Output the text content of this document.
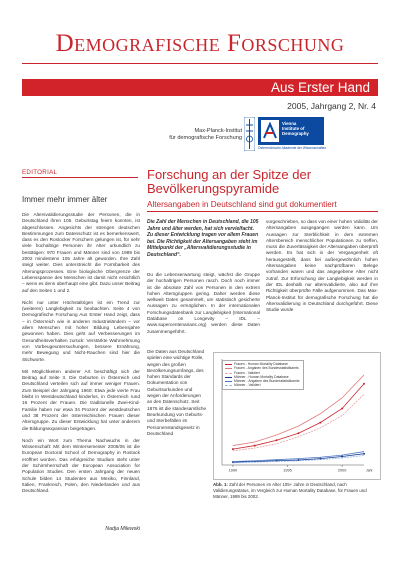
Demografische Forschung
Aus Erster Hand
2005, Jahrgang 2, Nr. 4
Max-Planck-Institut
für demografische Forschung
Vienna
Institute of
Demography
Österreichische Akademie der Wissenschaften
EDITORIAL
Immer mehr immer älter

Die Altersvalidierungsstudie der Personen, die in Deutschland ihren 105. Geburtstag feiern konnten, ist abgeschlossen. Angesichts der strengen deutschen Bestimmungen zum Datenschutz ist es bemerkenswert, dass es den Rostocker Forschern gelungen ist, für sehr viele hochaltrige Personen ihr Alter urkundlich zu bestätigen: 970 Frauen und Männer sind von 1989 bis 2002 mindestens 105 Jahre alt geworden. Ihre Zahl steigt weiter. Dies unterstreicht die Formbarkeit des Alterungsprozesses. Eine biologische Obergrenze der Lebensspanne des Menschen ist damit nicht ersichtlich – wenn es denn überhaupt eine gibt. Dazu unser Beitrag auf den Seiten 1 und 2.

Nicht nur unter Höchstaltrigen ist ein Trend zur (weiteren) Langlebigkeit zu beobachten. Seite 4 von Demografische Forschung Aus Erster Hand zeigt, dass – in Österreich wie in anderen Industrieländern – vor allem Menschen mit hoher Bildung Lebensjahre gewonnen haben. Dies geht auf Verbesserungen im Gesundheitsverhalten zurück: Verstärkte Wahrnehmung von Vorbeugeuntersuchungen, bessere Ernährung, mehr Bewegung und Nicht-Rauchen sind hier die Stichworte.

Mit Möglichkeiten anderer Art beschäftigt sich der Beitrag auf Seite 3. Die Geburten in Österreich und Deutschland verteilen sich auf immer weniger Frauen. Zum Beispiel der Jahrgang 1960: Etwa jede vierte Frau bleibt in Westdeutschland kinderlos, in Österreich rund 16 Prozent der Frauen. Die traditionelle Zwei-Kind-Familie haben nur etwa 34 Prozent der westdeutschen und 38 Prozent der österreichischen Frauen dieser Altersgruppe. Zu dieser Entwicklung hat unter anderem die Bildungsexpansion beigetragen.

Noch ein Wort zum Thema Nachwuchs in der Wissenschaft: Mit dem Wintersemester 2005/06 ist die European Doctoral School of Demography in Rostock eröffnet worden. Das erfolgreiche Studium steht unter der Schirmherrschaft der European Association for Population Studies. Den ersten Jahrgang der neuen Schule bilden 14 Studenten aus Mexiko, Finnland, Italien, Frankreich, Polen, den Niederlanden und aus Deutschland.

Nadja Milewski
Forschung an der Spitze der Bevölkerungspyramide
Altersangaben in Deutschland sind gut dokumentiert
Die Zahl der Menschen in Deutschland, die 105 Jahre und älter werden, hat sich vervielfacht. Zu dieser Entwicklung tragen vor allem Frauen bei. Die Richtigkeit der Altersangaben steht im Mittelpunkt der „Altersvalidierungsstudie in Deutschland“.

Du die Lebenserwartung steigt, wächst die Gruppe der hochaltrigen Personen rasch. Doch noch immer ist die absolute Zahl von Personen in den extrem hohen Altersgruppen gering. Daher werden diese weltweit Daten gesammelt, um statistisch gesicherte Aussagen zu ermöglichen. In der internationalen Forschungsdatenbank zur Langlebigkeit (International Database on Longevity – IDL – www.supercentenarians.org) werden diese Daten zusammengeführt.

Die Daten aus Deutschland spielen eine wichtige Rolle, wegen des großen Bevölkerungsumfangs, des hohen Standards der Dokumentation von Geburtsurkunden und wegen der Anforderungen an den Datenschutz. Seit 1876 ist die standesamtliche Beurkundung von Geburts- und Sterbefällen im Personenstandsgesetz in Deutschland

vorgeschrieben, so dass von einer hohen Validität der Altersangaben ausgegangen werden kann. Um Aussagen zur Sterblichkeit in dem extremen Altersbereich menschlicher Populationen zu treffen, muss die Zuverlässigkeit der Altersangaben überprüft werden. Es hat sich in der Vergangenheit oft herausgestellt, dass bei außergewöhnlich hohen Altersangaben keine nachprüfbaren Belege vorhanden waren und das angegebene Alter nicht zutraf. Zur Erforschung der Langlebigkeit werden in der IDL deshalb nur altersvalidierte, also auf ihre Richtigkeit überprüfte Fälle aufgenommen. Das Max-Planck-Institut für demografische Forschung hat die Altersvalidierung in Deutschland durchgeführt. Diese Studie wurde

1990	1995	2000	Jahr
Frauen - Human Mortality Database
Frauen - Angaben des Bundesstatistikamts
Frauen - Validiert
Männer - Human Mortality Database
Männer - Angaben des Bundesstatistikamts
Männer - Validiert
Abb. 1: Zahl der Personen im Alter 105+ Jahre in Deutschland, nach Validierungsstatus, im Vergleich zur Human Mortality Database, für Frauen und Männer, 1989 bis 2002.
